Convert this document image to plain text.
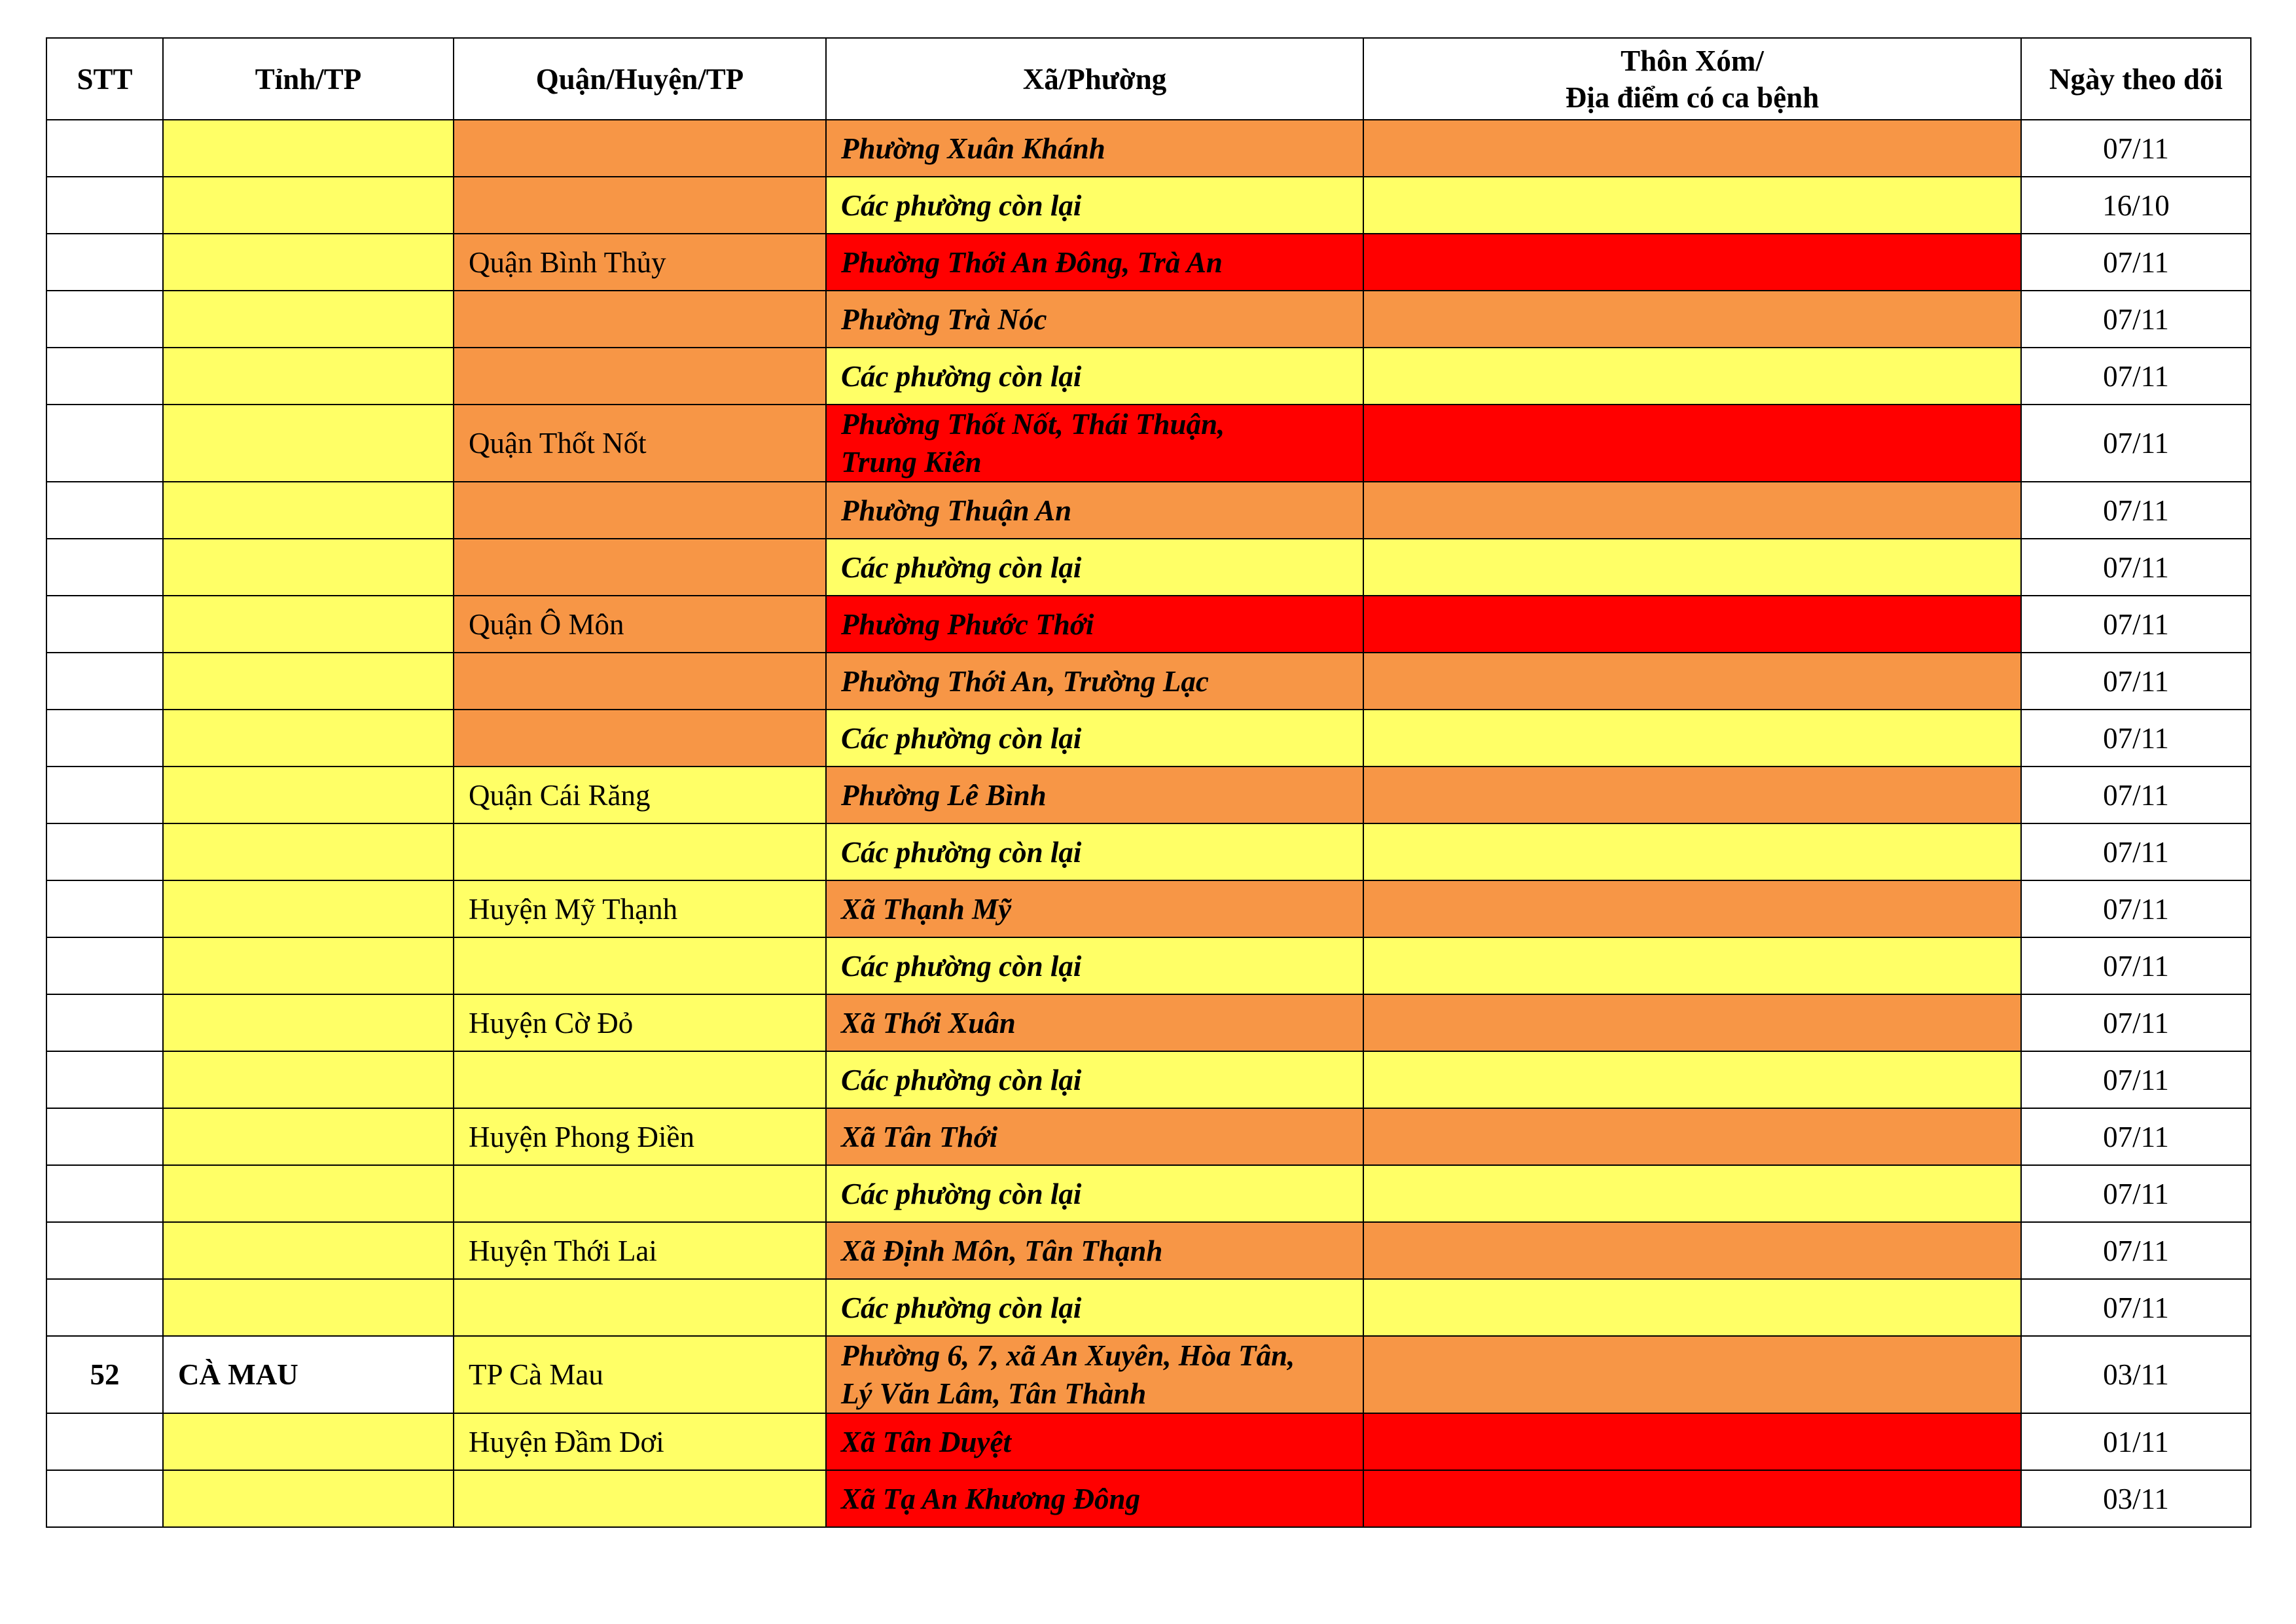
STT	Tỉnh/TP	Quận/Huyện/TP	Xã/Phường	Thôn Xóm/
Địa điểm có ca bệnh	Ngày theo dõi
			Phường Xuân Khánh		07/11
			Các phường còn lại		16/10
		Quận Bình Thủy	Phường Thới An Đông, Trà An		07/11
			Phường Trà Nóc		07/11
			Các phường còn lại		07/11
		Quận Thốt Nốt	Phường Thốt Nốt, Thái Thuận,
Trung Kiên		07/11
			Phường Thuận An		07/11
			Các phường còn lại		07/11
		Quận Ô Môn	Phường Phước Thới		07/11
			Phường Thới An, Trường Lạc		07/11
			Các phường còn lại		07/11
		Quận Cái Răng	Phường Lê Bình		07/11
			Các phường còn lại		07/11
		Huyện Mỹ Thạnh	Xã Thạnh Mỹ		07/11
			Các phường còn lại		07/11
		Huyện Cờ Đỏ	Xã Thới Xuân		07/11
			Các phường còn lại		07/11
		Huyện Phong Điền	Xã Tân Thới		07/11
			Các phường còn lại		07/11
		Huyện Thới Lai	Xã Định Môn, Tân Thạnh		07/11
			Các phường còn lại		07/11
52	CÀ MAU	TP Cà Mau	Phường 6, 7, xã An Xuyên, Hòa Tân,
Lý Văn Lâm, Tân Thành		03/11
		Huyện Đầm Dơi	Xã Tân Duyệt		01/11
			Xã Tạ An Khương Đông		03/11
